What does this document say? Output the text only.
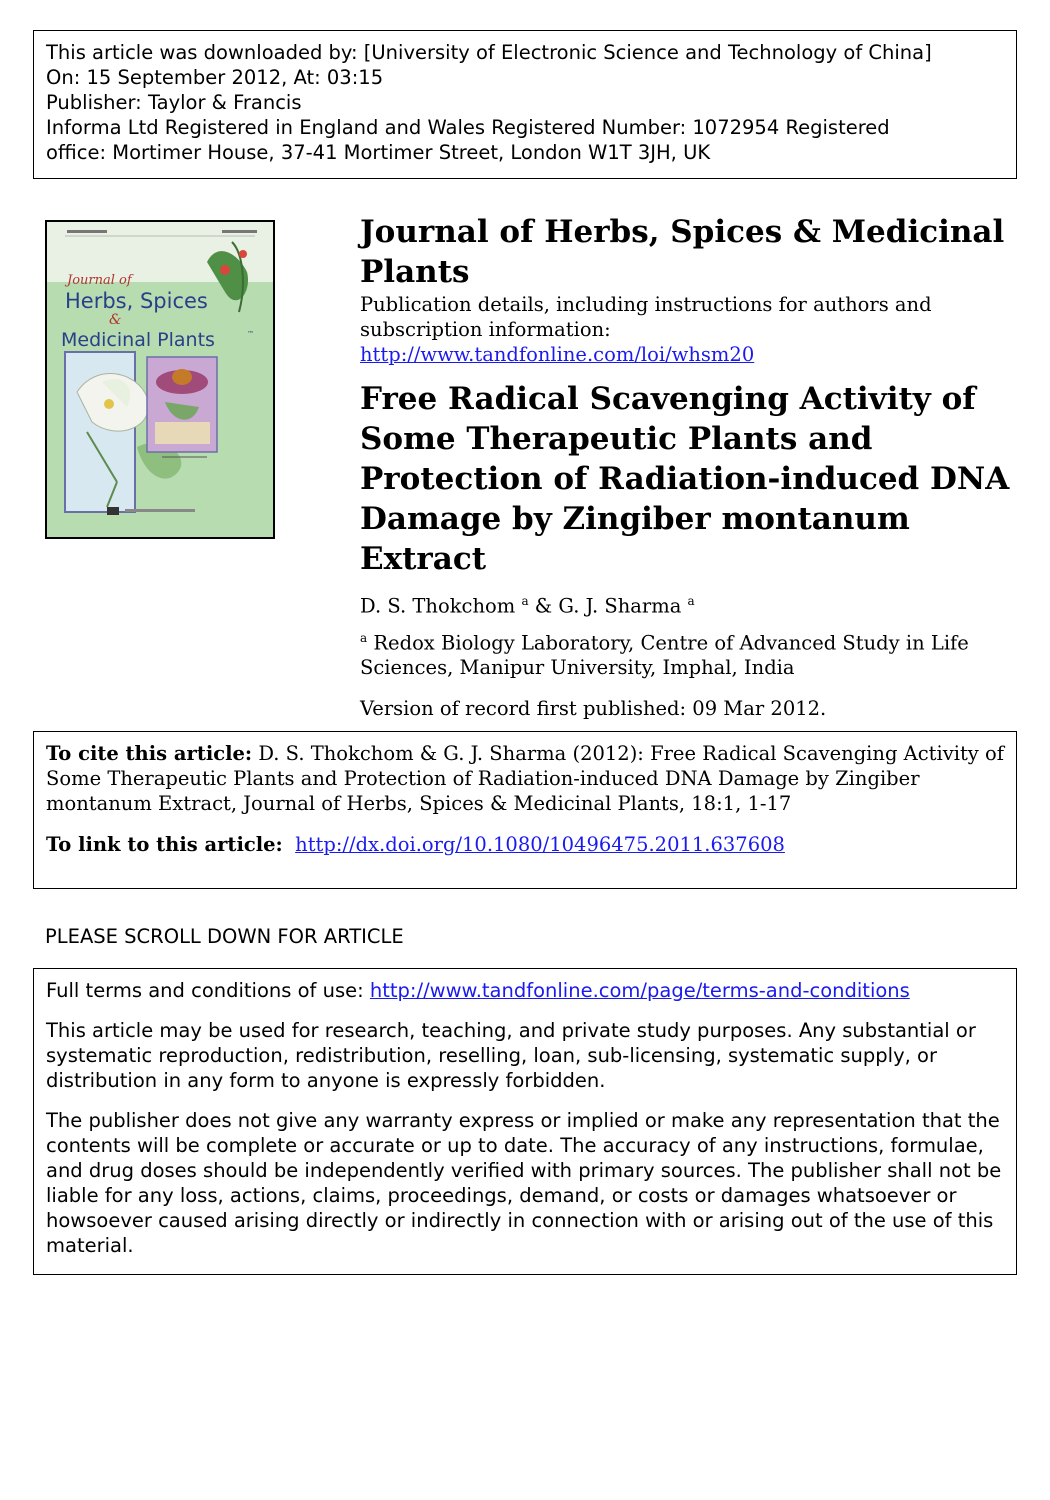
This article was downloaded by: [University of Electronic Science and Technology of China]
On: 15 September 2012, At: 03:15
Publisher: Taylor & Francis
Informa Ltd Registered in England and Wales Registered Number: 1072954 Registered
office: Mortimer House, 37-41 Mortimer Street, London W1T 3JH, UK
Journal of
Herbs, Spices
&
Medicinal Plants	™
Journal of Herbs, Spices & Medicinal Plants
Publication details, including instructions for authors and
subscription information:
http://www.tandfonline.com/loi/whsm20
Free Radical Scavenging Activity of Some Therapeutic Plants and Protection of Radiation-induced DNA Damage by Zingiber montanum Extract
D. S. Thokchom $^a$ & G. J. Sharma $^a$
$^a$ Redox Biology Laboratory, Centre of Advanced Study in Life Sciences, Manipur University, Imphal, India
Version of record first published: 09 Mar 2012.
To cite this article: D. S. Thokchom & G. J. Sharma (2012): Free Radical Scavenging Activity of Some Therapeutic Plants and Protection of Radiation-induced DNA Damage by Zingiber montanum Extract, Journal of Herbs, Spices & Medicinal Plants, 18:1, 1-17
To link to this article: http://dx.doi.org/10.1080/10496475.2011.637608
PLEASE SCROLL DOWN FOR ARTICLE

Full terms and conditions of use: http://www.tandfonline.com/page/terms-and-conditions

This article may be used for research, teaching, and private study purposes. Any substantial or systematic reproduction, redistribution, reselling, loan, sub-licensing, systematic supply, or distribution in any form to anyone is expressly forbidden.

The publisher does not give any warranty express or implied or make any representation that the contents will be complete or accurate or up to date. The accuracy of any instructions, formulae, and drug doses should be independently verified with primary sources. The publisher shall not be liable for any loss, actions, claims, proceedings, demand, or costs or damages whatsoever or howsoever caused arising directly or indirectly in connection with or arising out of the use of this material.
